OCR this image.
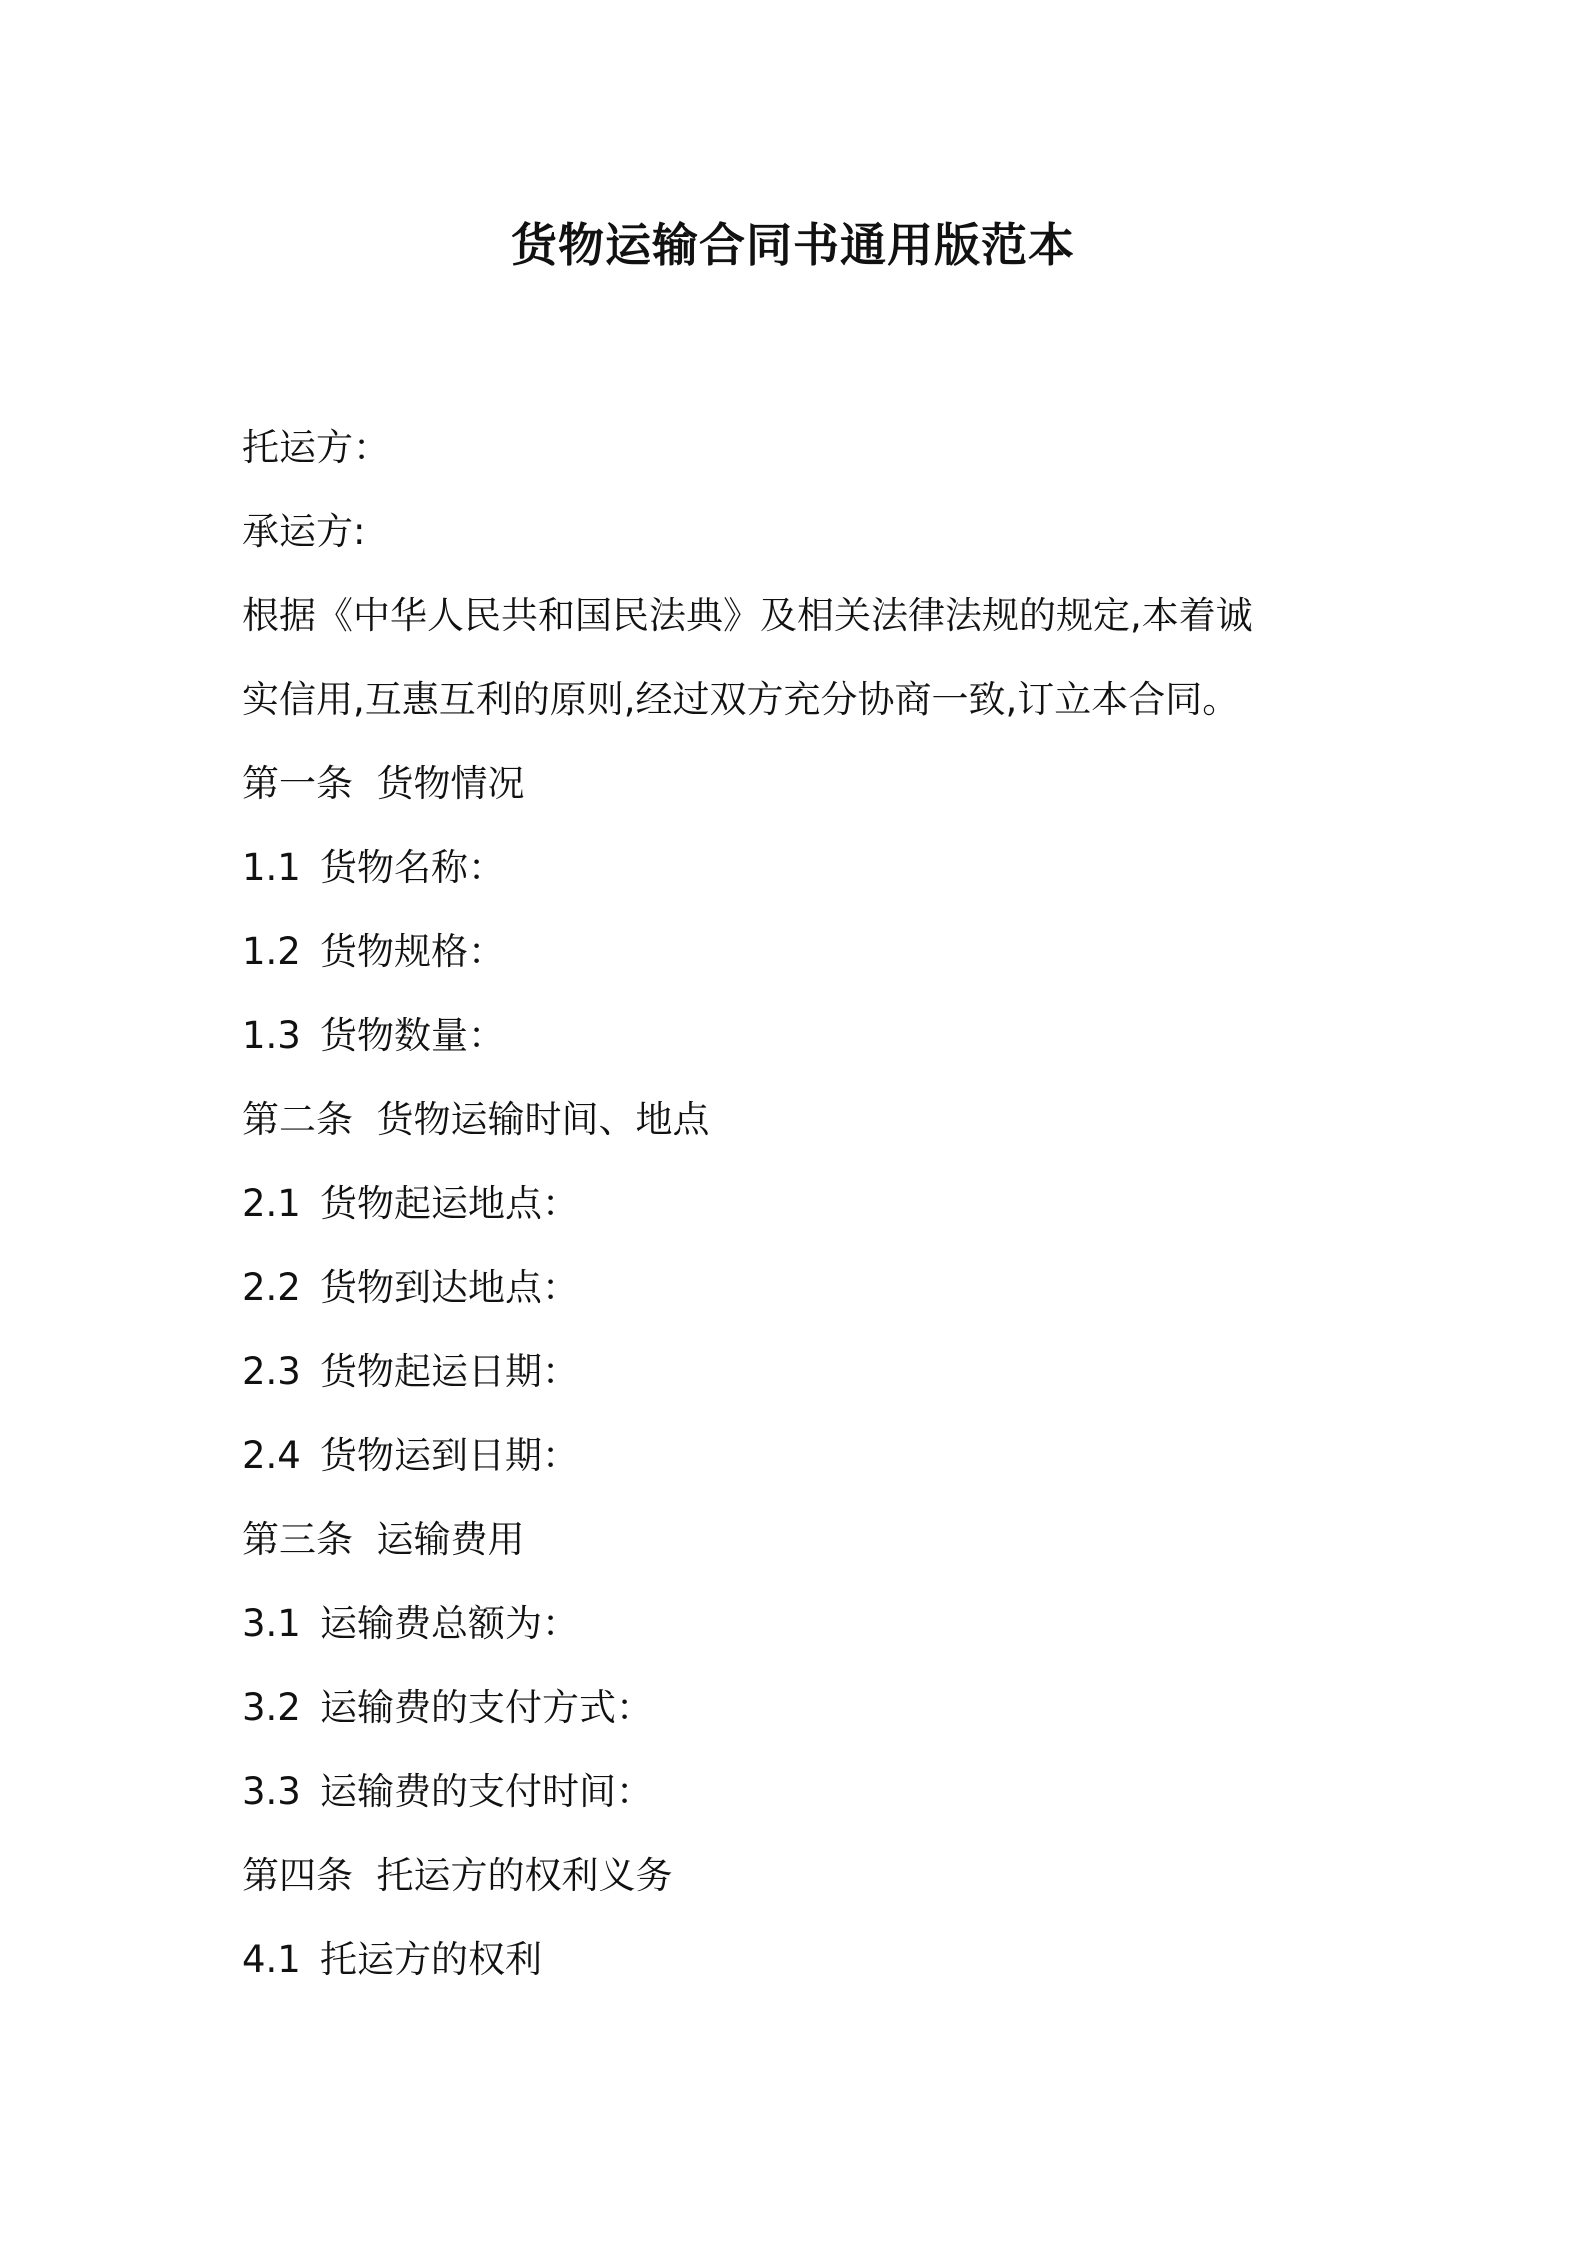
货物运输合同书通用版范本
托运方：
承运方:
根据《中华人民共和国民法典》及相关法律法规的规定,本着诚
实信用,互惠互利的原则,经过双方充分协商一致,订立本合同。
第一条  货物情况
1.1 货物名称：
1.2 货物规格：
1.3 货物数量：
第二条  货物运输时间、地点
2.1 货物起运地点：
2.2 货物到达地点：
2.3 货物起运日期：
2.4 货物运到日期：
第三条  运输费用
3.1 运输费总额为：
3.2 运输费的支付方式：
3.3 运输费的支付时间：
第四条  托运方的权利义务
4.1 托运方的权利
